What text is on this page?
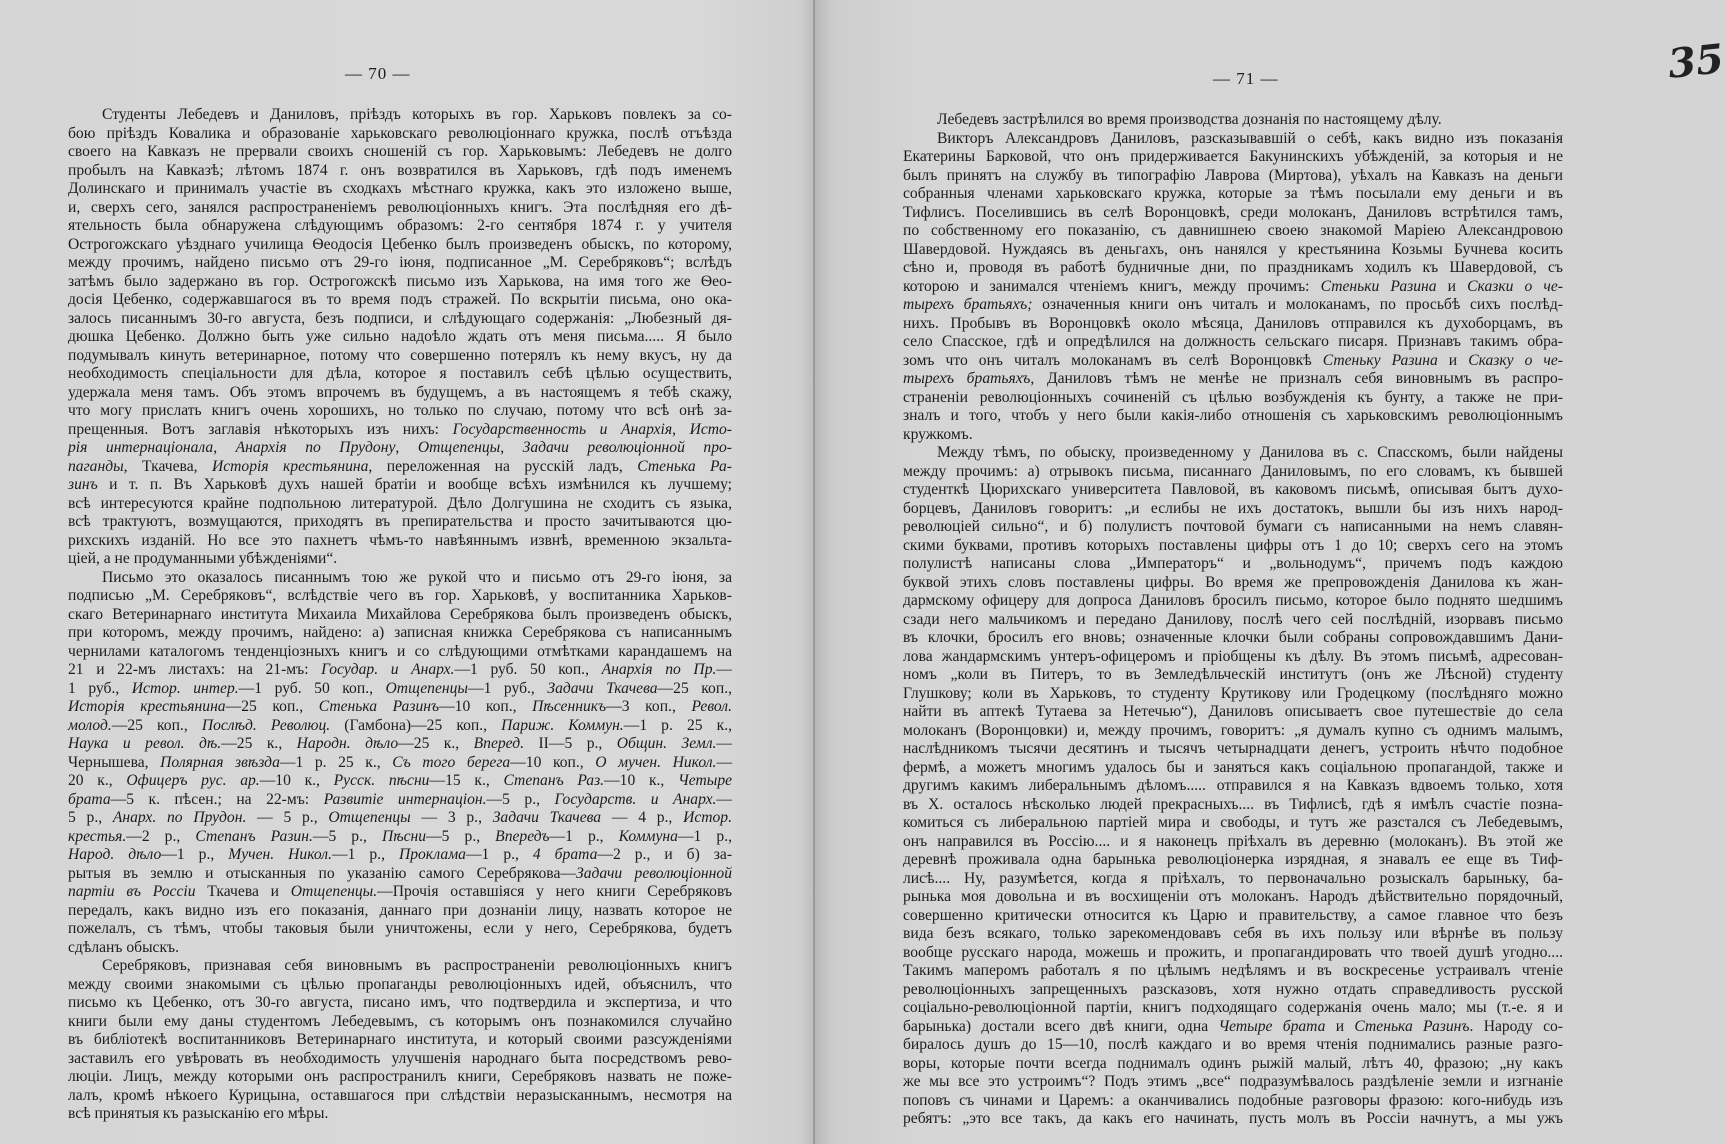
— 70 —
Студенты Лебедевъ и Даниловъ, пріѣздъ которыхъ въ гор. Харьковъ повлекъ за со-
бою пріѣздъ Ковалика и образованіе харьковскаго революціоннаго кружка, послѣ отъѣзда
своего на Кавказъ не прервали своихъ сношеній съ гор. Харьковымъ: Лебедевъ не долго
пробылъ на Кавказѣ; лѣтомъ 1874 г. онъ возвратился въ Харьковъ, гдѣ подъ именемъ
Долинскаго и принималъ участіе въ сходкахъ мѣстнаго кружка, какъ это изложено выше,
и, сверхъ сего, занялся распространеніемъ революціонныхъ книгъ. Эта послѣдняя его дѣ-
ятельность была обнаружена слѣдующимъ образомъ: 2-го сентября 1874 г. у учителя
Острогожскаго уѣзднаго училища Ѳеодосія Цебенко былъ произведенъ обыскъ, по которому,
между прочимъ, найдено письмо отъ 29-го іюня, подписанное „М. Серебряковъ“; вслѣдъ
затѣмъ было задержано въ гор. Острогожскѣ письмо изъ Харькова, на имя того же Ѳео-
досія Цебенко, содержавшагося въ то время подъ стражей. По вскрытіи письма, оно ока-
залось писаннымъ 30-го августа, безъ подписи, и слѣдующаго содержанія: „Любезный дя-
дюшка Цебенко. Должно быть уже сильно надоѣло ждать отъ меня письма..... Я было
подумывалъ кинуть ветеринарное, потому что совершенно потерялъ къ нему вкусъ, ну да
необходимость спеціальности для дѣла, которое я поставилъ себѣ цѣлью осуществить,
удержала меня тамъ. Объ этомъ впрочемъ въ будущемъ, а въ настоящемъ я тебѣ скажу,
что могу прислать книгъ очень хорошихъ, но только по случаю, потому что всѣ онѣ за-
прещенныя. Вотъ заглавія нѣкоторыхъ изъ нихъ: Государственность и Анархія, Исто-
рія интернаціонала, Анархія по Прудону, Отщепенцы, Задачи революціонной про-
паганды, Ткачева, Исторія крестьянина, переложенная на русскій ладъ, Стенька Ра-
зинъ и т. п. Въ Харьковѣ духъ нашей братіи и вообще всѣхъ измѣнился къ лучшему;
всѣ интересуются крайне подпольною литературой. Дѣло Долгушина не сходитъ съ языка,
всѣ трактуютъ, возмущаются, приходятъ въ препирательства и просто зачитываются цю-
рихскихъ изданій. Но все это пахнетъ чѣмъ-то навѣяннымъ извнѣ, временною экзальта-
ціей, а не продуманными убѣжденіями“.
Письмо это оказалось писаннымъ тою же рукой что и письмо отъ 29-го іюня, за
подписью „М. Серебряковъ“, вслѣдствіе чего въ гор. Харьковѣ, у воспитанника Харьков-
скаго Ветеринарнаго института Михаила Михайлова Серебрякова былъ произведенъ обыскъ,
при которомъ, между прочимъ, найдено: а) записная книжка Серебрякова съ написаннымъ
чернилами каталогомъ тенденціозныхъ книгъ и со слѣдующими отмѣтками карандашемъ на
21 и 22-мъ листахъ: на 21-мъ: Государ. и Анарх.—1 руб. 50 коп., Анархія по Пр.—
1 руб., Истор. интер.—1 руб. 50 коп., Отщепенцы—1 руб., Задачи Ткачева—25 коп.,
Исторія крестьянина—25 коп., Стенька Разинъ—10 коп., Пѣсенникъ—3 коп., Револ.
молод.—25 коп., Послѣд. Революц. (Гамбона)—25 коп., Париж. Коммун.—1 р. 25 к.,
Наука и револ. дѣ.—25 к., Народн. дѣло—25 к., Впеpед. II—5 р., Общин. Земл.—
Чернышева, Полярная звѣзда—1 р. 25 к., Съ того берега—10 коп., О мучен. Никол.—
20 к., Офицеръ рус. ар.—10 к., Русск. пѣсни—15 к., Степанъ Раз.—10 к., Четыре
брата—5 к. пѣсен.; на 22-мъ: Развитіе интернаціон.—5 р., Государств. и Анарх.—
5 р., Анарх. по Прудон. — 5 р., Отщепенцы — 3 р., Задачи Ткачева — 4 р., Истор.
крестья.—2 р., Степанъ Разин.—5 р., Пѣсни—5 р., Впередъ—1 р., Коммуна—1 р.,
Народ. дѣло—1 р., Мучен. Никол.—1 р., Прокламa—1 р., 4 брата—2 р., и б) за-
рытыя въ землю и отысканныя по указанію самого Серебрякова—Задачи революціонной
партіи въ Россіи Ткачева и Отщепенцы.—Прочія оставшіяся у него книги Серебряковъ
передалъ, какъ видно изъ его показанія, даннаго при дознаніи лицу, назвать которое не
пожелалъ, съ тѣмъ, чтобы таковыя были уничтожены, если у него, Серебрякова, будетъ
сдѣланъ обыскъ.
Серебряковъ, признавая себя виновнымъ въ распространеніи революціонныхъ книгъ
между своими знакомыми съ цѣлью пропаганды революціонныхъ идей, объяснилъ, что
письмо къ Цебенко, отъ 30-го августа, писано имъ, что подтвердила и экспертиза, и что
книги были ему даны студентомъ Лебедевымъ, съ которымъ онъ познакомился случайно
въ библіотекѣ воспитанниковъ Ветеринарнаго института, и который своими разсужденіями
заставилъ его увѣровать въ необходимость улучшенія народнаго быта посредствомъ рево-
люціи. Лицъ, между которыми онъ распространилъ книги, Серебряковъ назвать не поже-
лалъ, кромѣ нѣкоего Курицына, оставшагося при слѣдствіи неразысканнымъ, несмотря на
всѣ принятыя къ разысканію его мѣры.
— 71 —	35
Лебедевъ застрѣлился во время производства дознанія по настоящему дѣлу.
Викторъ Александровъ Даниловъ, разсказывавшій о себѣ, какъ видно изъ показанія
Екатерины Барковой, что онъ придерживается Бакунинскихъ убѣжденій, за которыя и не
былъ принятъ на службу въ типографію Лаврова (Миртова), уѣхалъ на Кавказъ на деньги
собранныя членами харьковскаго кружка, которые за тѣмъ посылали ему деньги и въ
Тифлисъ. Поселившись въ селѣ Воронцовкѣ, среди молоканъ, Даниловъ встрѣтился тамъ,
по собственному его показанію, съ давнишнею своею знакомой Маріею Александровою
Шавердовой. Нуждаясь въ деньгахъ, онъ нанялся у крестьянина Козьмы Бучнева косить
сѣно и, проводя въ работѣ будничные дни, по праздникамъ ходилъ къ Шавердовой, съ
которою и занимался чтеніемъ книгъ, между прочимъ: Стеньки Разина и Сказки о че-
тырехъ братьяхъ; означенныя книги онъ читалъ и молоканамъ, по просьбѣ сихъ послѣд-
нихъ. Пробывъ въ Воронцовкѣ около мѣсяца, Даниловъ отправился къ духоборцамъ, въ
село Спасское, гдѣ и опредѣлился на должность сельскаго писаря. Признавъ такимъ обра-
зомъ что онъ читалъ молоканамъ въ селѣ Воронцовкѣ Стеньку Разина и Сказку о че-
тырехъ братьяхъ, Даниловъ тѣмъ не менѣе не призналъ себя виновнымъ въ распро-
страненіи революціонныхъ сочиненій съ цѣлью возбужденія къ бунту, а также не при-
зналъ и того, чтобъ у него были какія-либо отношенія съ харьковскимъ революціоннымъ
кружкомъ.
Между тѣмъ, по обыску, произведенному у Данилова въ с. Спасскомъ, были найдены
между прочимъ: а) отрывокъ письма, писаннаго Даниловымъ, по его словамъ, къ бывшей
студенткѣ Цюрихскаго университета Павловой, въ каковомъ письмѣ, описывая бытъ духо-
борцевъ, Даниловъ говоритъ: „и еслибы не ихъ достатокъ, вышли бы изъ нихъ народ-
революціей сильно“, и б) полулистъ почтовой бумаги съ написанными на немъ славян-
скими буквами, противъ которыхъ поставлены цифры отъ 1 до 10; сверхъ сего на этомъ
полулистѣ написаны слова „Императоръ“ и „вольнодумъ“, причемъ подъ каждою
буквой этихъ словъ поставлены цифры. Во время же препровожденія Данилова къ жан-
дармскому офицеру для допроса Даниловъ бросилъ письмо, которое было поднято шедшимъ
сзади него мальчикомъ и передано Данилову, послѣ чего сей послѣдній, изорвавъ письмо
въ клочки, бросилъ его вновь; означенные клочки были собраны сопровождавшимъ Дани-
лова жандармскимъ унтеръ-офицеромъ и пріобщены къ дѣлу. Въ этомъ письмѣ, адресован-
номъ „коли въ Питеръ, то въ Земледѣльческій институтъ (онъ же Лѣсной) студенту
Глушкову; коли въ Харьковъ, то студенту Крутикову или Гродецкому (послѣдняго можно
найти въ аптекѣ Тутаева за Нетечью“), Даниловъ описываетъ свое путешествіе до села
молоканъ (Воронцовки) и, между прочимъ, говоритъ: „я думалъ купно съ однимъ малымъ,
наслѣдникомъ тысячи десятинъ и тысячъ четырнадцати денегъ, устроить нѣчто подобное
фермѣ, а можетъ многимъ удалось бы и заняться какъ соціальною пропагандой, также и
другимъ какимъ либеральнымъ дѣломъ..... отправился я на Кавказъ вдвоемъ только, хотя
въ Х. осталось нѣсколько людей прекрасныхъ.... въ Тифлисѣ, гдѣ я имѣлъ счастіе позна-
комиться съ либеральною партіей мира и свободы, и тутъ же разстался съ Лебедевымъ,
онъ направился въ Россію.... и я наконецъ пріѣхалъ въ деревню (молоканъ). Въ этой же
деревнѣ проживала одна барынька революціонерка изрядная, я знавалъ ее еще въ Тиф-
лисѣ.... Ну, разумѣется, когда я пріѣхалъ, то первоначально розыскалъ барыньку, ба-
рынька моя довольна и въ восхищеніи отъ молоканъ. Народъ дѣйствительно порядочный,
совершенно критически относится къ Царю и правительству, а самое главное что безъ
вида безъ всякаго, только зарекомендовавъ себя въ ихъ пользу или вѣрнѣе въ пользу
вообще русскаго народа, можешь и прожить, и пропагандировать что твоей душѣ угодно....
Такимъ маперомъ работалъ я по цѣлымъ недѣлямъ и въ воскресенье устраивалъ чтеніе
революціонныхъ запрещенныхъ разсказовъ, хотя нужно отдать справедливость русской
соціально-революціонной партіи, книгъ подходящаго содержанія очень мало; мы (т.-е. я и
барынька) достали всего двѣ книги, одна Четыре брата и Стенька Разинъ. Народу со-
биралось душъ до 15—10, послѣ каждаго и во время чтенія поднимались разные разго-
воры, которые почти всегда поднималъ одинъ рыжій малый, лѣтъ 40, фразою; „ну какъ
же мы все это устроимъ“? Подъ этимъ „все“ подразумѣвалось раздѣленіе земли и изгнаніе
поповъ съ чинами и Царемъ: а оканчивались подобные разговоры фразою: кого-нибудь изъ
ребятъ: „это все такъ, да какъ его начинать, пусть молъ въ Россіи начнутъ, а мы ужъ
